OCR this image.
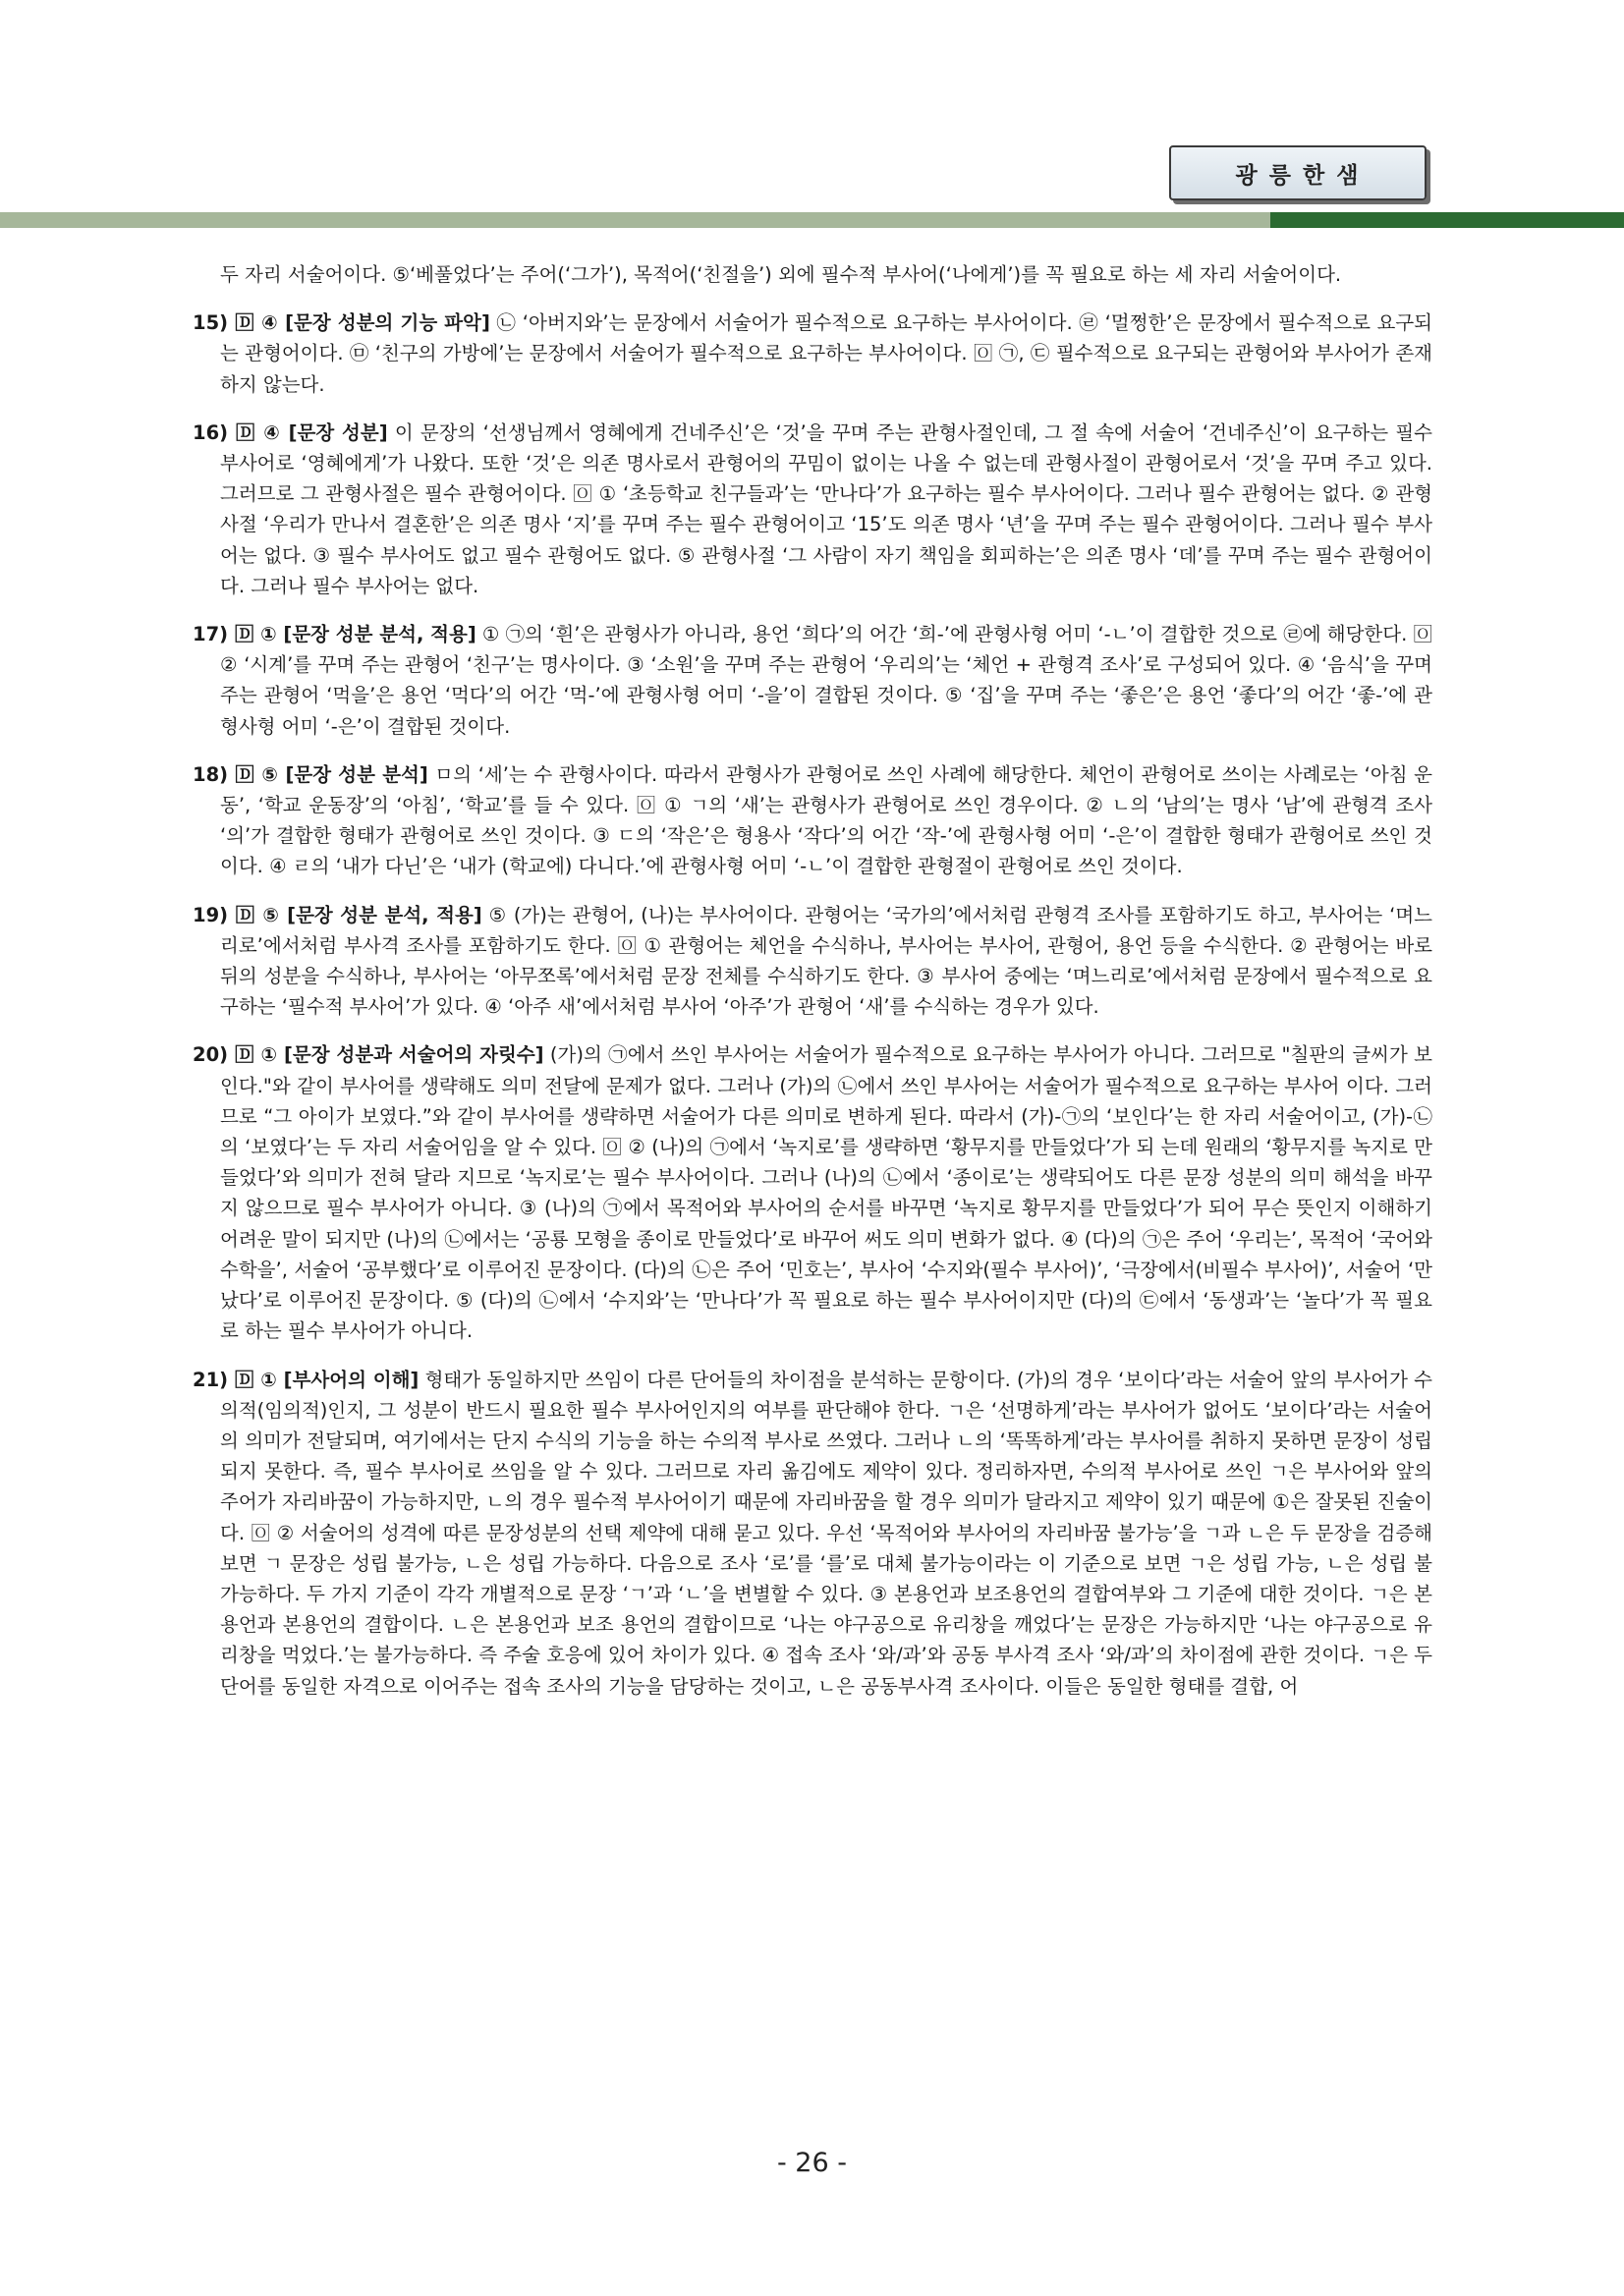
광 릉 한 샘

두 자리 서술어이다. ⑤‘베풀었다’는 주어(‘그가’), 목적어(‘친절을’) 외에 필수적 부사어(‘나에게’)를 꼭 필요로 하는 세 자리 서술어이다.

15) 🄳 ④ [문장 성분의 기능 파악] ㉡ ‘아버지와’는 문장에서 서술어가 필수적으로 요구하는 부사어이다. ㉣ ‘멀쩡한’은 문장에서 필수적으로 요구되는 관형어이다. ㉤ ‘친구의 가방에’는 문장에서 서술어가 필수적으로 요구하는 부사어이다. 🄾 ㉠, ㉢ 필수적으로 요구되는 관형어와 부사어가 존재하지 않는다.

16) 🄳 ④ [문장 성분] 이 문장의 ‘선생님께서 영혜에게 건네주신’은 ‘것’을 꾸며 주는 관형사절인데, 그 절 속에 서술어 ‘건네주신’이 요구하는 필수 부사어로 ‘영혜에게’가 나왔다. 또한 ‘것’은 의존 명사로서 관형어의 꾸밈이 없이는 나올 수 없는데 관형사절이 관형어로서 ‘것’을 꾸며 주고 있다. 그러므로 그 관형사절은 필수 관형어이다. 🄾 ① ‘초등학교 친구들과’는 ‘만나다’가 요구하는 필수 부사어이다. 그러나 필수 관형어는 없다. ② 관형사절 ‘우리가 만나서 결혼한’은 의존 명사 ‘지’를 꾸며 주는 필수 관형어이고 ‘15’도 의존 명사 ‘년’을 꾸며 주는 필수 관형어이다. 그러나 필수 부사어는 없다. ③ 필수 부사어도 없고 필수 관형어도 없다. ⑤ 관형사절 ‘그 사람이 자기 책임을 회피하는’은 의존 명사 ‘데’를 꾸며 주는 필수 관형어이다. 그러나 필수 부사어는 없다.

17) 🄳 ① [문장 성분 분석, 적용] ① ㉠의 ‘흰’은 관형사가 아니라, 용언 ‘희다’의 어간 ‘희-’에 관형사형 어미 ‘-ㄴ’이 결합한 것으로 ㉣에 해당한다. 🄾 ② ‘시계’를 꾸며 주는 관형어 ‘친구’는 명사이다. ③ ‘소원’을 꾸며 주는 관형어 ‘우리의’는 ‘체언 + 관형격 조사’로 구성되어 있다. ④ ‘음식’을 꾸며 주는 관형어 ‘먹을’은 용언 ‘먹다’의 어간 ‘먹-’에 관형사형 어미 ‘-을’이 결합된 것이다. ⑤ ‘집’을 꾸며 주는 ‘좋은’은 용언 ‘좋다’의 어간 ‘좋-’에 관형사형 어미 ‘-은’이 결합된 것이다.

18) 🄳 ⑤ [문장 성분 분석] ㅁ의 ‘세’는 수 관형사이다. 따라서 관형사가 관형어로 쓰인 사례에 해당한다. 체언이 관형어로 쓰이는 사례로는 ‘아침 운동’, ‘학교 운동장’의 ‘아침’, ‘학교’를 들 수 있다. 🄾 ① ㄱ의 ‘새’는 관형사가 관형어로 쓰인 경우이다. ② ㄴ의 ‘남의’는 명사 ‘남’에 관형격 조사 ‘의’가 결합한 형태가 관형어로 쓰인 것이다. ③ ㄷ의 ‘작은’은 형용사 ‘작다’의 어간 ‘작-’에 관형사형 어미 ‘-은’이 결합한 형태가 관형어로 쓰인 것이다. ④ ㄹ의 ‘내가 다닌’은 ‘내가 (학교에) 다니다.’에 관형사형 어미 ‘-ㄴ’이 결합한 관형절이 관형어로 쓰인 것이다.

19) 🄳 ⑤ [문장 성분 분석, 적용] ⑤ (가)는 관형어, (나)는 부사어이다. 관형어는 ‘국가의’에서처럼 관형격 조사를 포함하기도 하고, 부사어는 ‘며느리로’에서처럼 부사격 조사를 포함하기도 한다. 🄾 ① 관형어는 체언을 수식하나, 부사어는 부사어, 관형어, 용언 등을 수식한다. ② 관형어는 바로 뒤의 성분을 수식하나, 부사어는 ‘아무쪼록’에서처럼 문장 전체를 수식하기도 한다. ③ 부사어 중에는 ‘며느리로’에서처럼 문장에서 필수적으로 요구하는 ‘필수적 부사어’가 있다. ④ ‘아주 새’에서처럼 부사어 ‘아주’가 관형어 ‘새’를 수식하는 경우가 있다.

20) 🄳 ① [문장 성분과 서술어의 자릿수] (가)의 ㉠에서 쓰인 부사어는 서술어가 필수적으로 요구하는 부사어가 아니다. 그러므로 "칠판의 글씨가 보인다."와 같이 부사어를 생략해도 의미 전달에 문제가 없다. 그러나 (가)의 ㉡에서 쓰인 부사어는 서술어가 필수적으로 요구하는 부사어 이다. 그러므로 “그 아이가 보였다.”와 같이 부사어를 생략하면 서술어가 다른 의미로 변하게 된다. 따라서 (가)-㉠의 ‘보인다’는 한 자리 서술어이고, (가)-㉡의 ‘보였다’는 두 자리 서술어임을 알 수 있다. 🄾 ② (나)의 ㉠에서 ‘녹지로’를 생략하면 ‘황무지를 만들었다’가 되 는데 원래의 ‘황무지를 녹지로 만들었다’와 의미가 전혀 달라 지므로 ‘녹지로’는 필수 부사어이다. 그러나 (나)의 ㉡에서 ‘종이로’는 생략되어도 다른 문장 성분의 의미 해석을 바꾸지 않으므로 필수 부사어가 아니다. ③ (나)의 ㉠에서 목적어와 부사어의 순서를 바꾸면 ‘녹지로 황무지를 만들었다’가 되어 무슨 뜻인지 이해하기 어려운 말이 되지만 (나)의 ㉡에서는 ‘공룡 모형을 종이로 만들었다’로 바꾸어 써도 의미 변화가 없다. ④ (다)의 ㉠은 주어 ‘우리는’, 목적어 ‘국어와 수학을’, 서술어 ‘공부했다’로 이루어진 문장이다. (다)의 ㉡은 주어 ‘민호는’, 부사어 ‘수지와(필수 부사어)’, ‘극장에서(비필수 부사어)’, 서술어 ‘만났다’로 이루어진 문장이다. ⑤ (다)의 ㉡에서 ‘수지와’는 ‘만나다’가 꼭 필요로 하는 필수 부사어이지만 (다)의 ㉢에서 ‘동생과’는 ‘놀다’가 꼭 필요로 하는 필수 부사어가 아니다.

21) 🄳 ① [부사어의 이해] 형태가 동일하지만 쓰임이 다른 단어들의 차이점을 분석하는 문항이다. (가)의 경우 ‘보이다’라는 서술어 앞의 부사어가 수의적(임의적)인지, 그 성분이 반드시 필요한 필수 부사어인지의 여부를 판단해야 한다. ㄱ은 ‘선명하게’라는 부사어가 없어도 ‘보이다’라는 서술어의 의미가 전달되며, 여기에서는 단지 수식의 기능을 하는 수의적 부사로 쓰였다. 그러나 ㄴ의 ‘똑똑하게’라는 부사어를 취하지 못하면 문장이 성립되지 못한다. 즉, 필수 부사어로 쓰임을 알 수 있다. 그러므로 자리 옮김에도 제약이 있다. 정리하자면, 수의적 부사어로 쓰인 ㄱ은 부사어와 앞의 주어가 자리바꿈이 가능하지만, ㄴ의 경우 필수적 부사어이기 때문에 자리바꿈을 할 경우 의미가 달라지고 제약이 있기 때문에 ①은 잘못된 진술이다. 🄾 ② 서술어의 성격에 따른 문장성분의 선택 제약에 대해 묻고 있다. 우선 ‘목적어와 부사어의 자리바꿈 불가능’을 ㄱ과 ㄴ은 두 문장을 검증해보면 ㄱ 문장은 성립 불가능, ㄴ은 성립 가능하다. 다음으로 조사 ‘로’를 ‘를’로 대체 불가능이라는 이 기준으로 보면 ㄱ은 성립 가능, ㄴ은 성립 불가능하다. 두 가지 기준이 각각 개별적으로 문장 ‘ㄱ’과 ‘ㄴ’을 변별할 수 있다. ③ 본용언과 보조용언의 결합여부와 그 기준에 대한 것이다. ㄱ은 본용언과 본용언의 결합이다. ㄴ은 본용언과 보조 용언의 결합이므로 ‘나는 야구공으로 유리창을 깨었다’는 문장은 가능하지만 ‘나는 야구공으로 유리창을 먹었다.’는 불가능하다. 즉 주술 호응에 있어 차이가 있다. ④ 접속 조사 ‘와/과’와 공동 부사격 조사 ‘와/과’의 차이점에 관한 것이다. ㄱ은 두 단어를 동일한 자격으로 이어주는 접속 조사의 기능을 담당하는 것이고, ㄴ은 공동부사격 조사이다. 이들은 동일한 형태를 결합, 어

- 26 -
